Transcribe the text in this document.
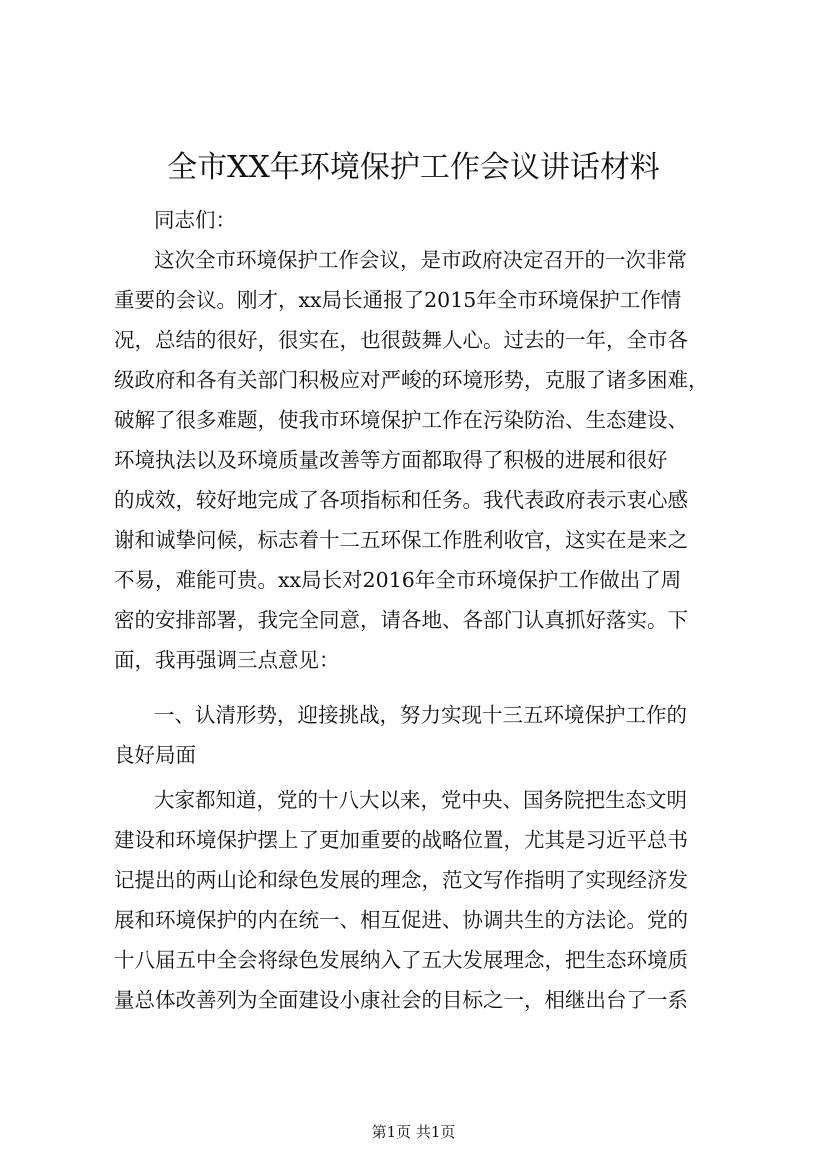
全市XX年环境保护工作会议讲话材料
同志们：
这次全市环境保护工作会议，是市政府决定召开的一次非常
重要的会议。刚才，xx局长通报了2015年全市环境保护工作情
况，总结的很好，很实在，也很鼓舞人心。过去的一年，全市各
级政府和各有关部门积极应对严峻的环境形势，克服了诸多困难，
破解了很多难题，使我市环境保护工作在污染防治、生态建设、
环境执法以及环境质量改善等方面都取得了积极的进展和很好
的成效，较好地完成了各项指标和任务。我代表政府表示衷心感
谢和诚挚问候，标志着十二五环保工作胜利收官，这实在是来之
不易，难能可贵。xx局长对2016年全市环境保护工作做出了周
密的安排部署，我完全同意，请各地、各部门认真抓好落实。下
面，我再强调三点意见：
一、认清形势，迎接挑战，努力实现十三五环境保护工作的
良好局面
大家都知道，党的十八大以来，党中央、国务院把生态文明
建设和环境保护摆上了更加重要的战略位置，尤其是习近平总书
记提出的两山论和绿色发展的理念，范文写作指明了实现经济发
展和环境保护的内在统一、相互促进、协调共生的方法论。党的
十八届五中全会将绿色发展纳入了五大发展理念，把生态环境质
量总体改善列为全面建设小康社会的目标之一，相继出台了一系
第1页 共1页
